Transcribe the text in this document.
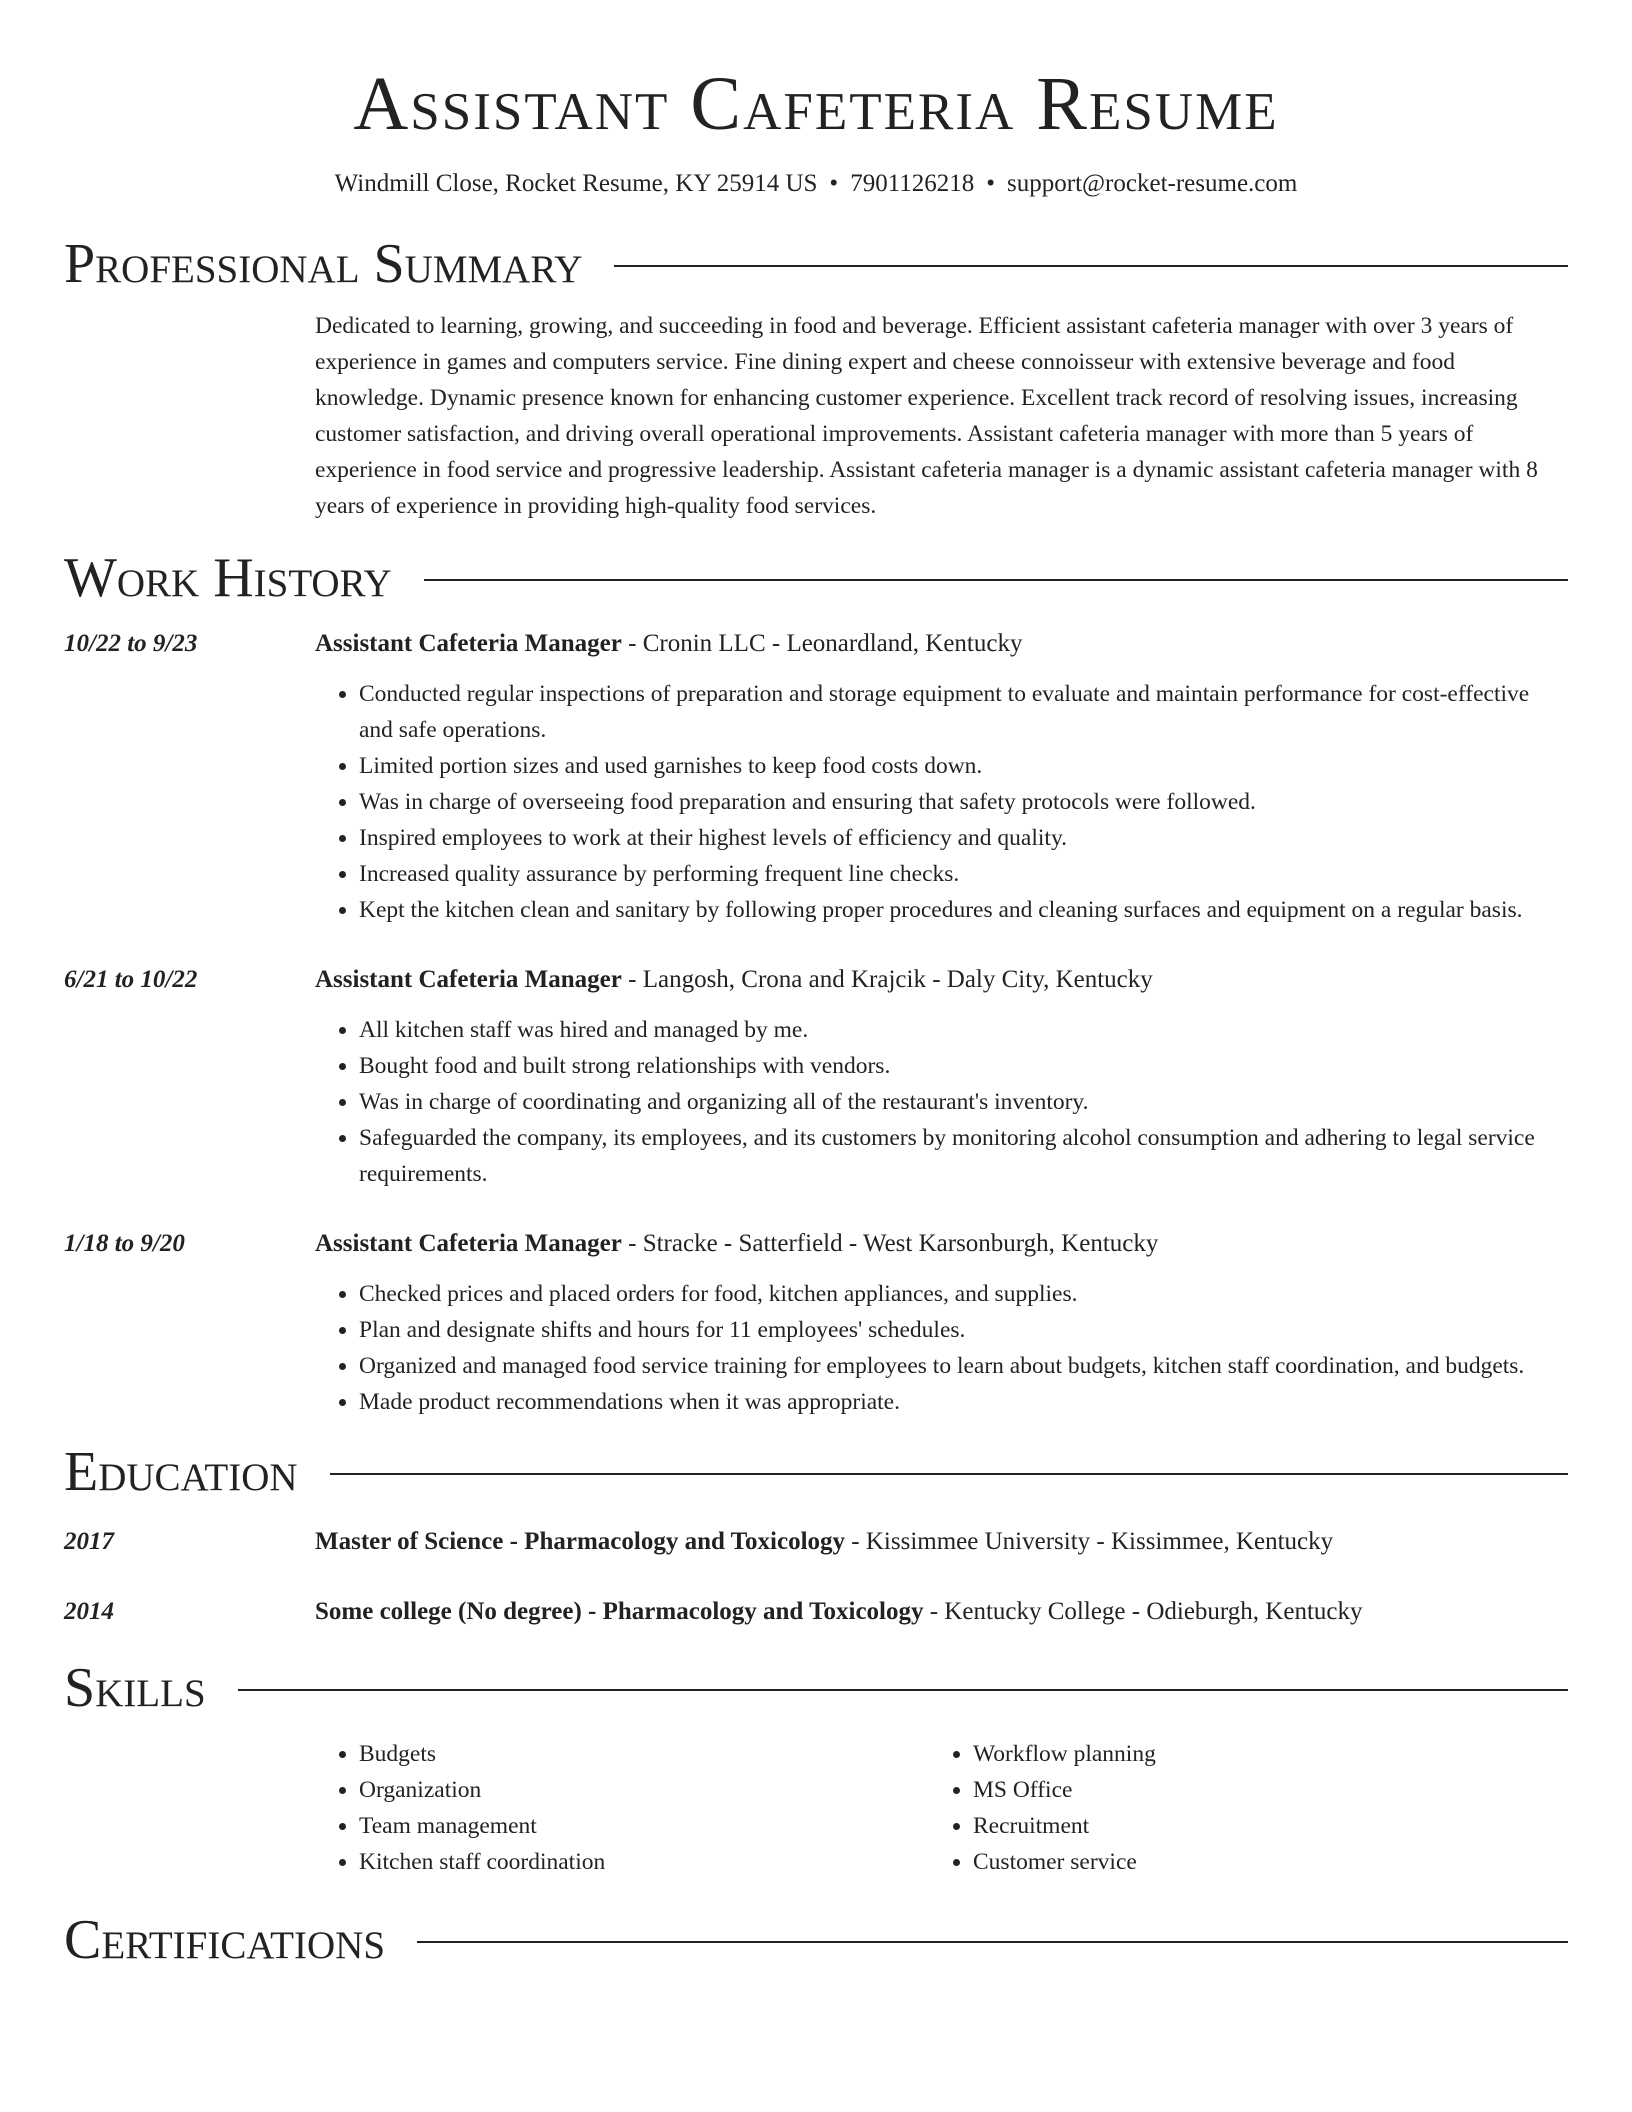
Assistant Cafeteria Resume
Windmill Close, Rocket Resume, KY 25914 US • 7901126218 • support@rocket-resume.com
Professional Summary
Dedicated to learning, growing, and succeeding in food and beverage. Efficient assistant cafeteria manager with over 3 years of experience in games and computers service. Fine dining expert and cheese connoisseur with extensive beverage and food knowledge. Dynamic presence known for enhancing customer experience. Excellent track record of resolving issues, increasing customer satisfaction, and driving overall operational improvements. Assistant cafeteria manager with more than 5 years of experience in food service and progressive leadership. Assistant cafeteria manager is a dynamic assistant cafeteria manager with 8 years of experience in providing high-quality food services.
Work History
10/22 to 9/23	Assistant Cafeteria Manager - Cronin LLC - Leonardland, Kentucky
• Conducted regular inspections of preparation and storage equipment to evaluate and maintain performance for cost-effective and safe operations.
• Limited portion sizes and used garnishes to keep food costs down.
• Was in charge of overseeing food preparation and ensuring that safety protocols were followed.
• Inspired employees to work at their highest levels of efficiency and quality.
• Increased quality assurance by performing frequent line checks.
• Kept the kitchen clean and sanitary by following proper procedures and cleaning surfaces and equipment on a regular basis.
6/21 to 10/22	Assistant Cafeteria Manager - Langosh, Crona and Krajcik - Daly City, Kentucky
• All kitchen staff was hired and managed by me.
• Bought food and built strong relationships with vendors.
• Was in charge of coordinating and organizing all of the restaurant's inventory.
• Safeguarded the company, its employees, and its customers by monitoring alcohol consumption and adhering to legal service requirements.
1/18 to 9/20	Assistant Cafeteria Manager - Stracke - Satterfield - West Karsonburgh, Kentucky
• Checked prices and placed orders for food, kitchen appliances, and supplies.
• Plan and designate shifts and hours for 11 employees' schedules.
• Organized and managed food service training for employees to learn about budgets, kitchen staff coordination, and budgets.
• Made product recommendations when it was appropriate.
Education
2017	Master of Science - Pharmacology and Toxicology - Kissimmee University - Kissimmee, Kentucky
2014	Some college (No degree) - Pharmacology and Toxicology - Kentucky College - Odieburgh, Kentucky
Skills
• Budgets
• Organization
• Team management
• Kitchen staff coordination
• Workflow planning
• MS Office
• Recruitment
• Customer service
Certifications
